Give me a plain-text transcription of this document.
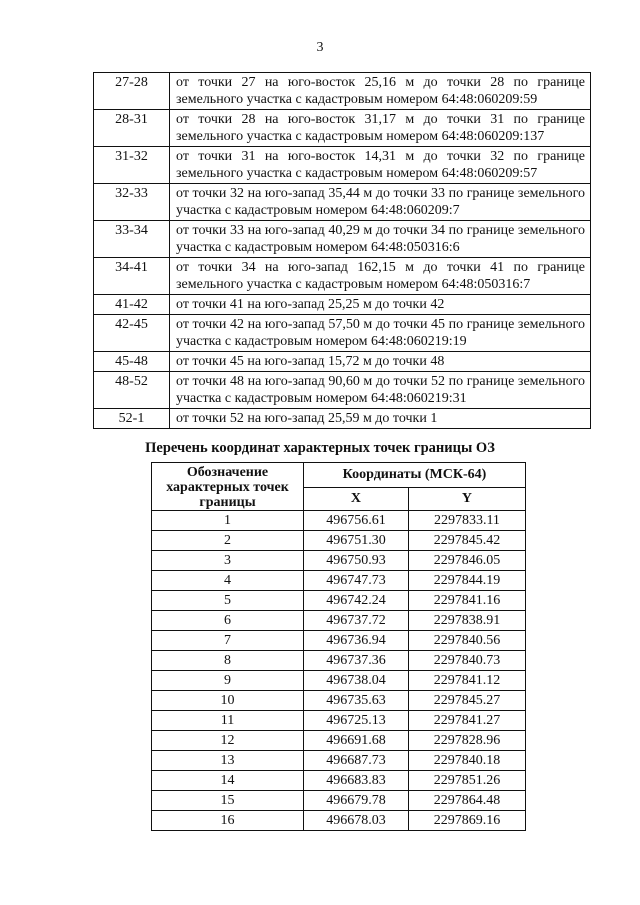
3
27-28	от точки 27 на юго-восток 25,16 м до точки 28 по границе земельного участка с кадастровым номером 64:48:060209:59
28-31	от точки 28 на юго-восток 31,17 м до точки 31 по границе земельного участка с кадастровым номером 64:48:060209:137
31-32	от точки 31 на юго-восток 14,31 м до точки 32 по границе земельного участка с кадастровым номером 64:48:060209:57
32-33	от точки 32 на юго-запад 35,44 м до точки 33 по границе земельного участка с кадастровым номером 64:48:060209:7
33-34	от точки 33 на юго-запад 40,29 м до точки 34 по границе земельного участка с кадастровым номером 64:48:050316:6
34-41	от точки 34 на юго-запад 162,15 м до точки 41 по границе земельного участка с кадастровым номером 64:48:050316:7
41-42	от точки 41 на юго-запад 25,25 м до точки 42
42-45	от точки 42 на юго-запад 57,50 м до точки 45 по границе земельного участка с кадастровым номером 64:48:060219:19
45-48	от точки 45 на юго-запад 15,72 м до точки 48
48-52	от точки 48 на юго-запад 90,60 м до точки 52 по границе земельного участка с кадастровым номером 64:48:060219:31
52-1	от точки 52 на юго-запад 25,59 м до точки 1
Перечень координат характерных точек границы ОЗ
Обозначение характерных точек границы	Координаты (МСК-64)	
	X	Y
1	496756.61	2297833.11
2	496751.30	2297845.42
3	496750.93	2297846.05
4	496747.73	2297844.19
5	496742.24	2297841.16
6	496737.72	2297838.91
7	496736.94	2297840.56
8	496737.36	2297840.73
9	496738.04	2297841.12
10	496735.63	2297845.27
11	496725.13	2297841.27
12	496691.68	2297828.96
13	496687.73	2297840.18
14	496683.83	2297851.26
15	496679.78	2297864.48
16	496678.03	2297869.16
